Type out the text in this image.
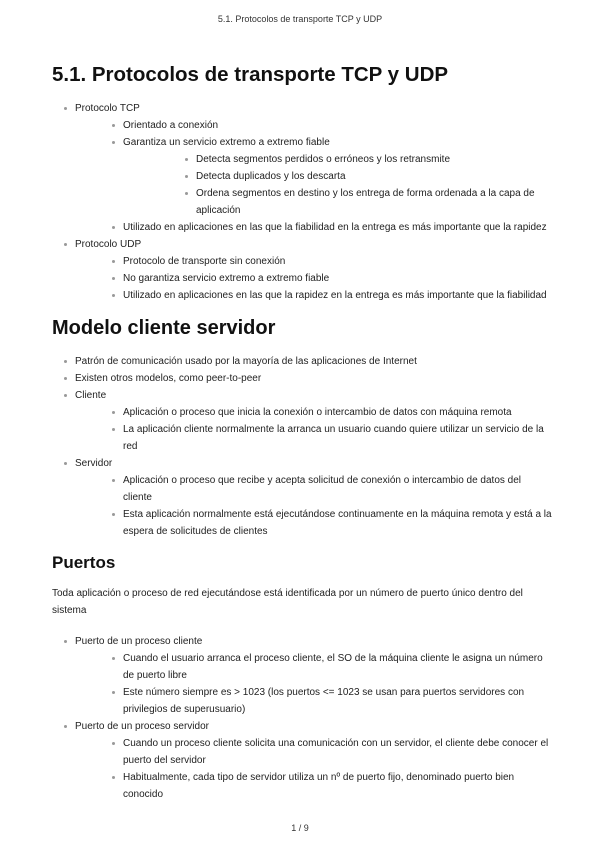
5.1. Protocolos de transporte TCP y UDP
5.1. Protocolos de transporte TCP y UDP
Protocolo TCP
Orientado a conexión
Garantiza un servicio extremo a extremo fiable
Detecta segmentos perdidos o erróneos y los retransmite
Detecta duplicados y los descarta
Ordena segmentos en destino y los entrega de forma ordenada a la capa de aplicación
Utilizado en aplicaciones en las que la fiabilidad en la entrega es más importante que la rapidez
Protocolo UDP
Protocolo de transporte sin conexión
No garantiza servicio extremo a extremo fiable
Utilizado en aplicaciones en las que la rapidez en la entrega es más importante que la fiabilidad
Modelo cliente servidor
Patrón de comunicación usado por la mayoría de las aplicaciones de Internet
Existen otros modelos, como peer-to-peer
Cliente
Aplicación o proceso que inicia la conexión o intercambio de datos con máquina remota
La aplicación cliente normalmente la arranca un usuario cuando quiere utilizar un servicio de la red
Servidor
Aplicación o proceso que recibe y acepta solicitud de conexión o intercambio de datos del cliente
Esta aplicación normalmente está ejecutándose continuamente en la máquina remota y está a la espera de solicitudes de clientes
Puertos

Toda aplicación o proceso de red ejecutándose está identificada por un número de puerto único dentro del sistema

Puerto de un proceso cliente
Cuando el usuario arranca el proceso cliente, el SO de la máquina cliente le asigna un número de puerto libre
Este número siempre es > 1023 (los puertos <= 1023 se usan para puertos servidores con privilegios de superusuario)
Puerto de un proceso servidor
Cuando un proceso cliente solicita una comunicación con un servidor, el cliente debe conocer el puerto del servidor
Habitualmente, cada tipo de servidor utiliza un nº de puerto fijo, denominado puerto bien conocido
1 / 9
